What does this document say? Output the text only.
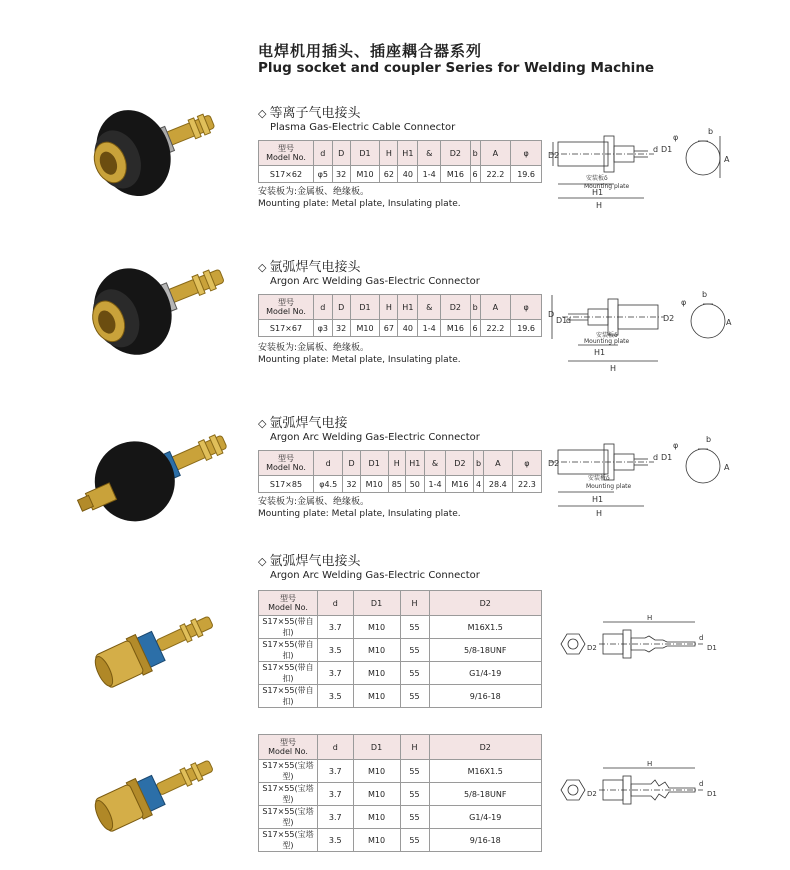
电焊机用插头、插座耦合器系列
Plug socket and coupler Series for Welding Machine
◇ 等离子气电接头
Plasma Gas-Electric Cable Connector
型号
Model No.	d	D	D1	H	H1	&	D2	b	A	φ
S17×62	φ5	32	M10	62	40	1-4	M16	6	22.2	19.6
安装板为:金属板、绝缘板。
Mounting plate: Metal plate, Insulating plate.
◇ 氩弧焊气电接头
Argon Arc Welding Gas-Electric Connector
型号
Model No.	d	D	D1	H	H1	&	D2	b	A	φ
S17×67	φ3	32	M10	67	40	1-4	M16	6	22.2	19.6
安装板为:金属板、绝缘板。
Mounting plate: Metal plate, Insulating plate.
◇ 氩弧焊气电接
Argon Arc Welding Gas-Electric Connector
型号
Model No.	d	D	D1	H	H1	&	D2	b	A	φ
S17×85	φ4.5	32	M10	85	50	1-4	M16	4	28.4	22.3
安装板为:金属板、绝缘板。
Mounting plate: Metal plate, Insulating plate.
◇ 氩弧焊气电接头
Argon Arc Welding Gas-Electric Connector
型号
Model No.	d	D1	H	D2
S17×55(带自扣)	3.7	M10	55	M16X1.5
S17×55(带自扣)	3.5	M10	55	5/8-18UNF
S17×55(带自扣)	3.7	M10	55	G1/4-19
S17×55(带自扣)	3.5	M10	55	9/16-18
型号
Model No.	d	D1	H	D2
S17×55(宝塔型)	3.7	M10	55	M16X1.5
S17×55(宝塔型)	3.7	M10	55	5/8-18UNF
S17×55(宝塔型)	3.7	M10	55	G1/4-19
S17×55(宝塔型)	3.5	M10	55	9/16-18
D2
安装板δ
Mounting plate
H1
H
d D1
φ
b
A
D
D1
d
安装板δ
Mounting plate
H1
H
D2
φ
b
A
D2
安装板δ
Mounting plate
H1
H
d D1
φ
b
A
H
D2
d
D1
H
D2
d
D1
